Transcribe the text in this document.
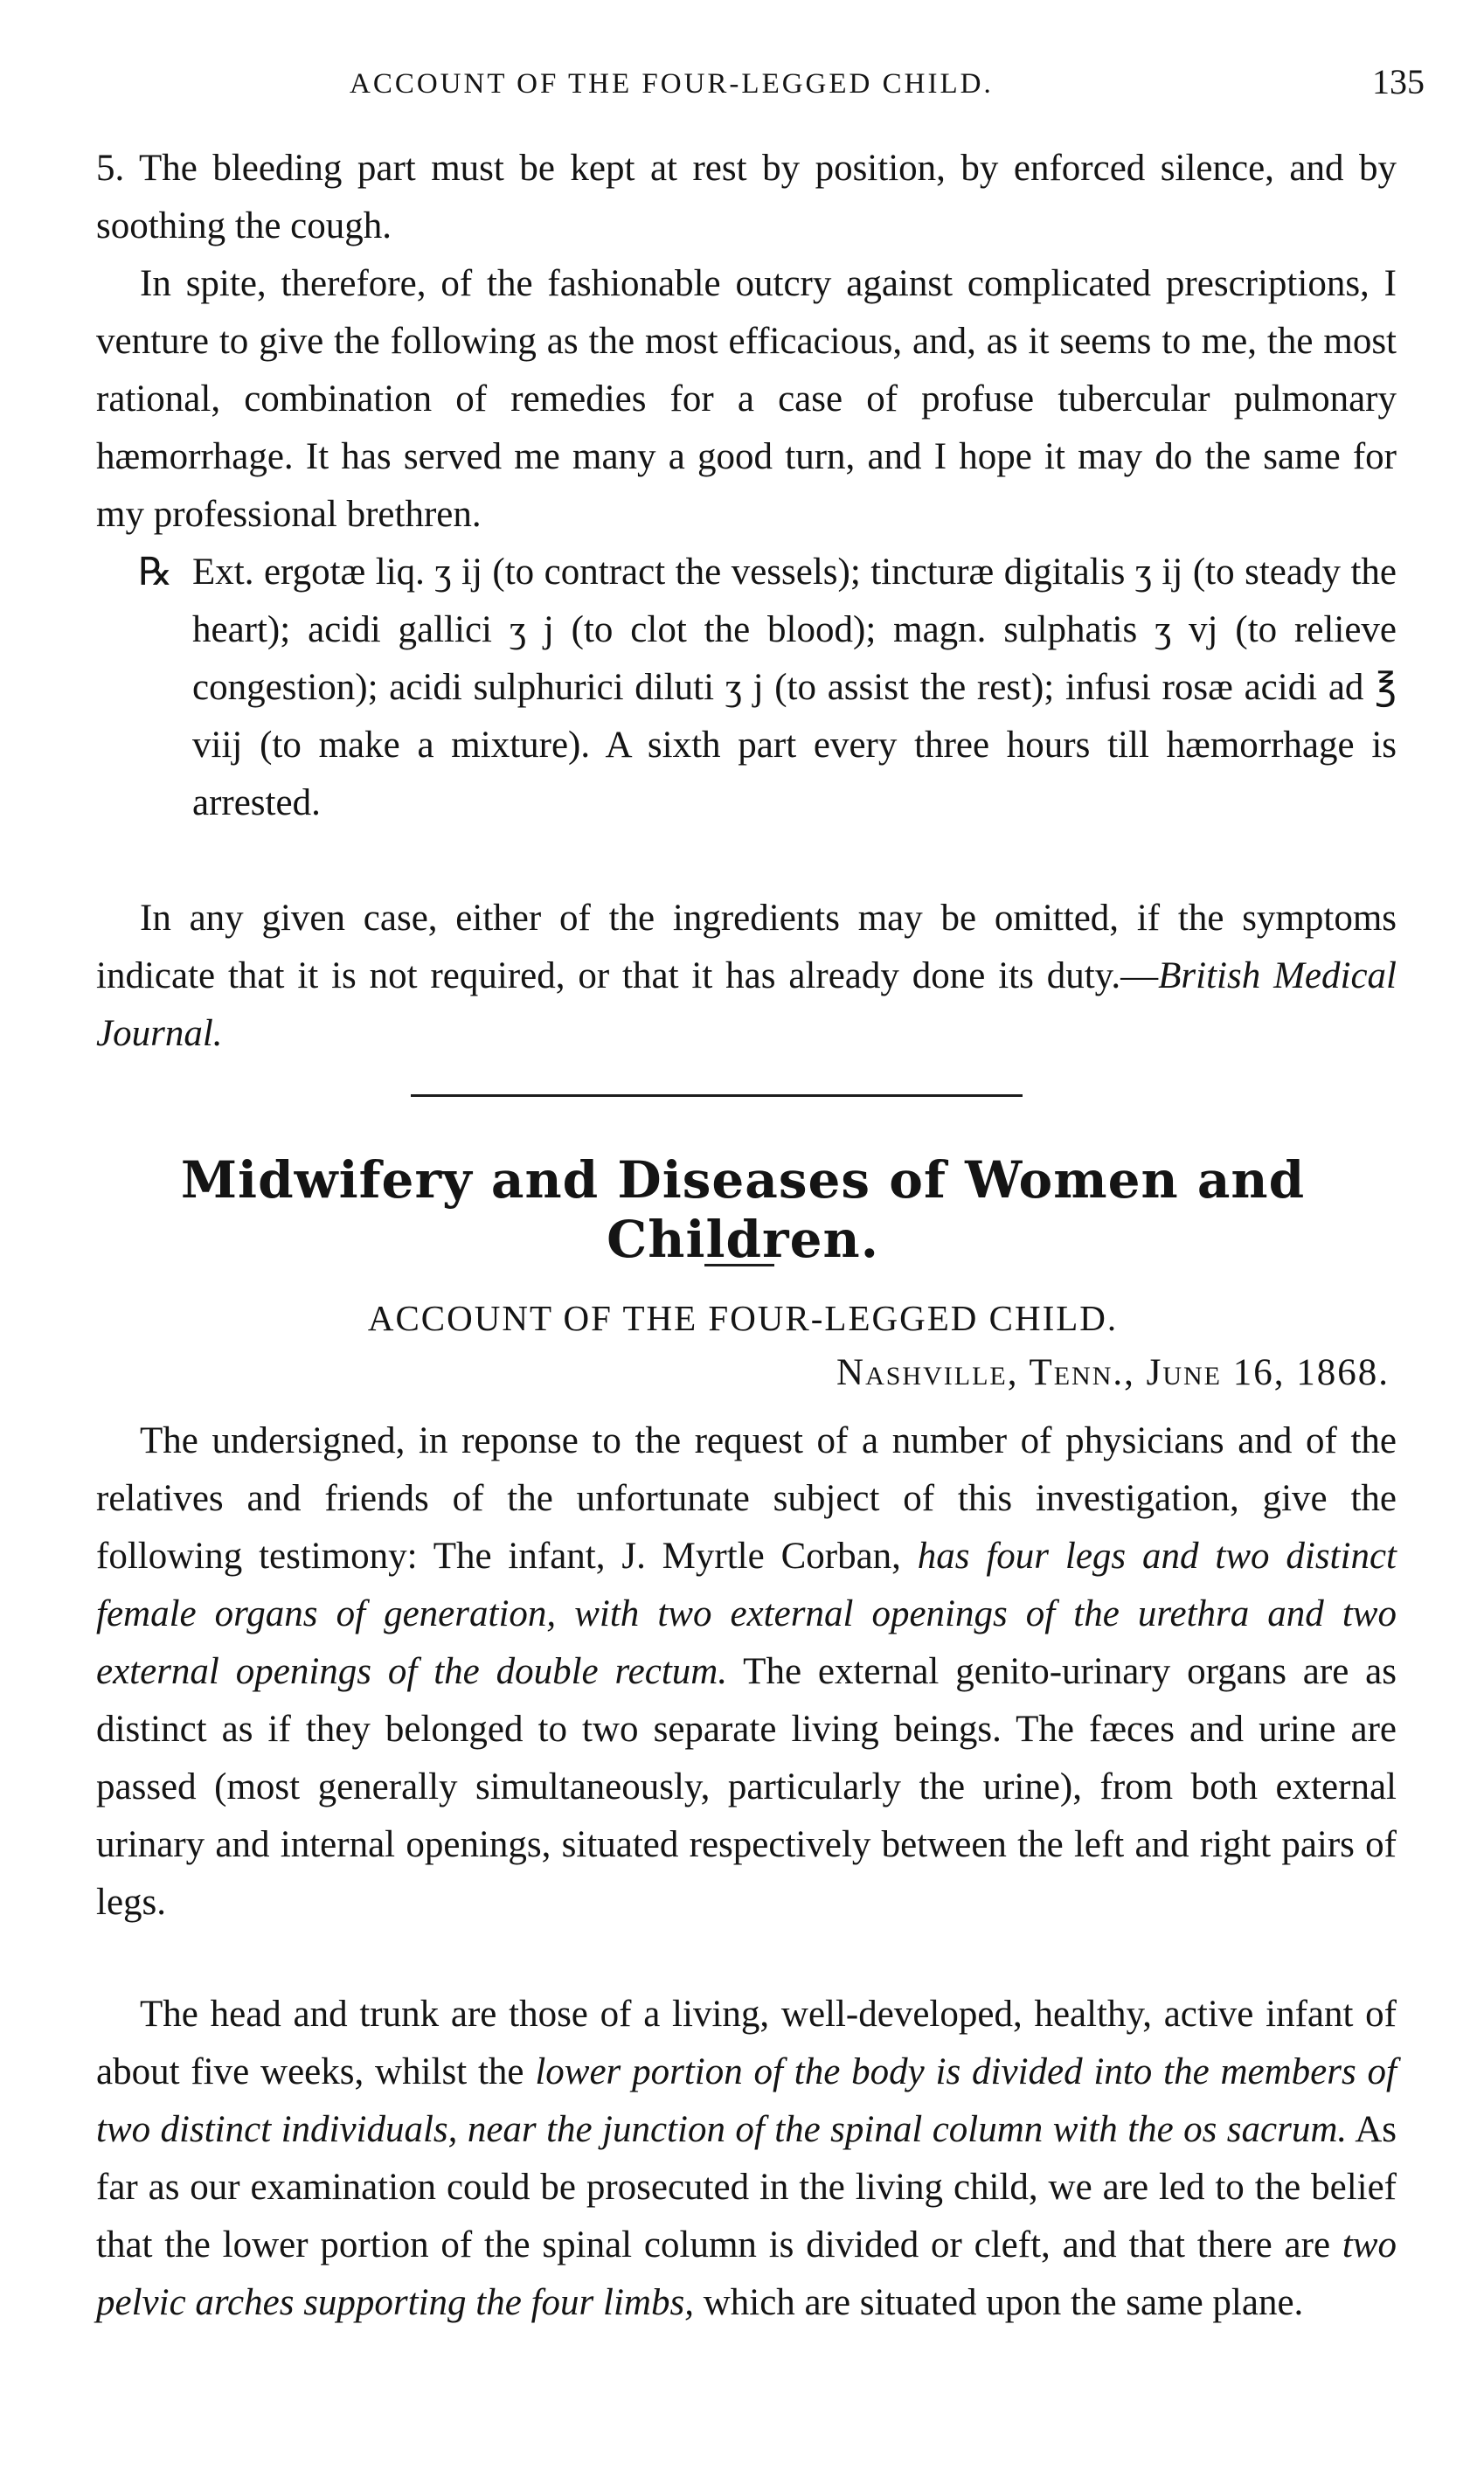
ACCOUNT OF THE FOUR-LEGGED CHILD.	135

5. The bleeding part must be kept at rest by position, by enforced silence, and by soothing the cough.

In spite, therefore, of the fashionable outcry against complicated prescriptions, I venture to give the following as the most efficacious, and, as it seems to me, the most rational, combination of remedies for a case of profuse tubercular pulmonary hæmorrhage. It has served me many a good turn, and I hope it may do the same for my professional brethren.

℞ Ext. ergotæ liq. ʒ ij (to contract the vessels); tincturæ digitalis ʒ ij (to steady the heart); acidi gallici ʒ j (to clot the blood); magn. sulphatis ʒ vj (to relieve congestion); acidi sulphurici diluti ʒ j (to assist the rest); infusi rosæ acidi ad ℥ viij (to make a mixture). A sixth part every three hours till hæmorrhage is arrested.

In any given case, either of the ingredients may be omitted, if the symptoms indicate that it is not required, or that it has already done its duty.—British Medical Journal.

Midwifery and Diseases of Women and Children.
ACCOUNT OF THE FOUR-LEGGED CHILD.
Nashville, Tenn., June 16, 1868.

The undersigned, in reponse to the request of a number of physicians and of the relatives and friends of the unfortunate subject of this investigation, give the following testimony: The infant, J. Myrtle Corban, has four legs and two distinct female organs of generation, with two external openings of the urethra and two external openings of the double rectum. The external genito-urinary organs are as distinct as if they belonged to two separate living beings. The fæces and urine are passed (most generally simultaneously, particularly the urine), from both external urinary and internal openings, situated respectively between the left and right pairs of legs.

The head and trunk are those of a living, well-developed, healthy, active infant of about five weeks, whilst the lower portion of the body is divided into the members of two distinct individuals, near the junction of the spinal column with the os sacrum. As far as our examination could be prosecuted in the living child, we are led to the belief that the lower portion of the spinal column is divided or cleft, and that there are two pelvic arches supporting the four limbs, which are situated upon the same plane.
